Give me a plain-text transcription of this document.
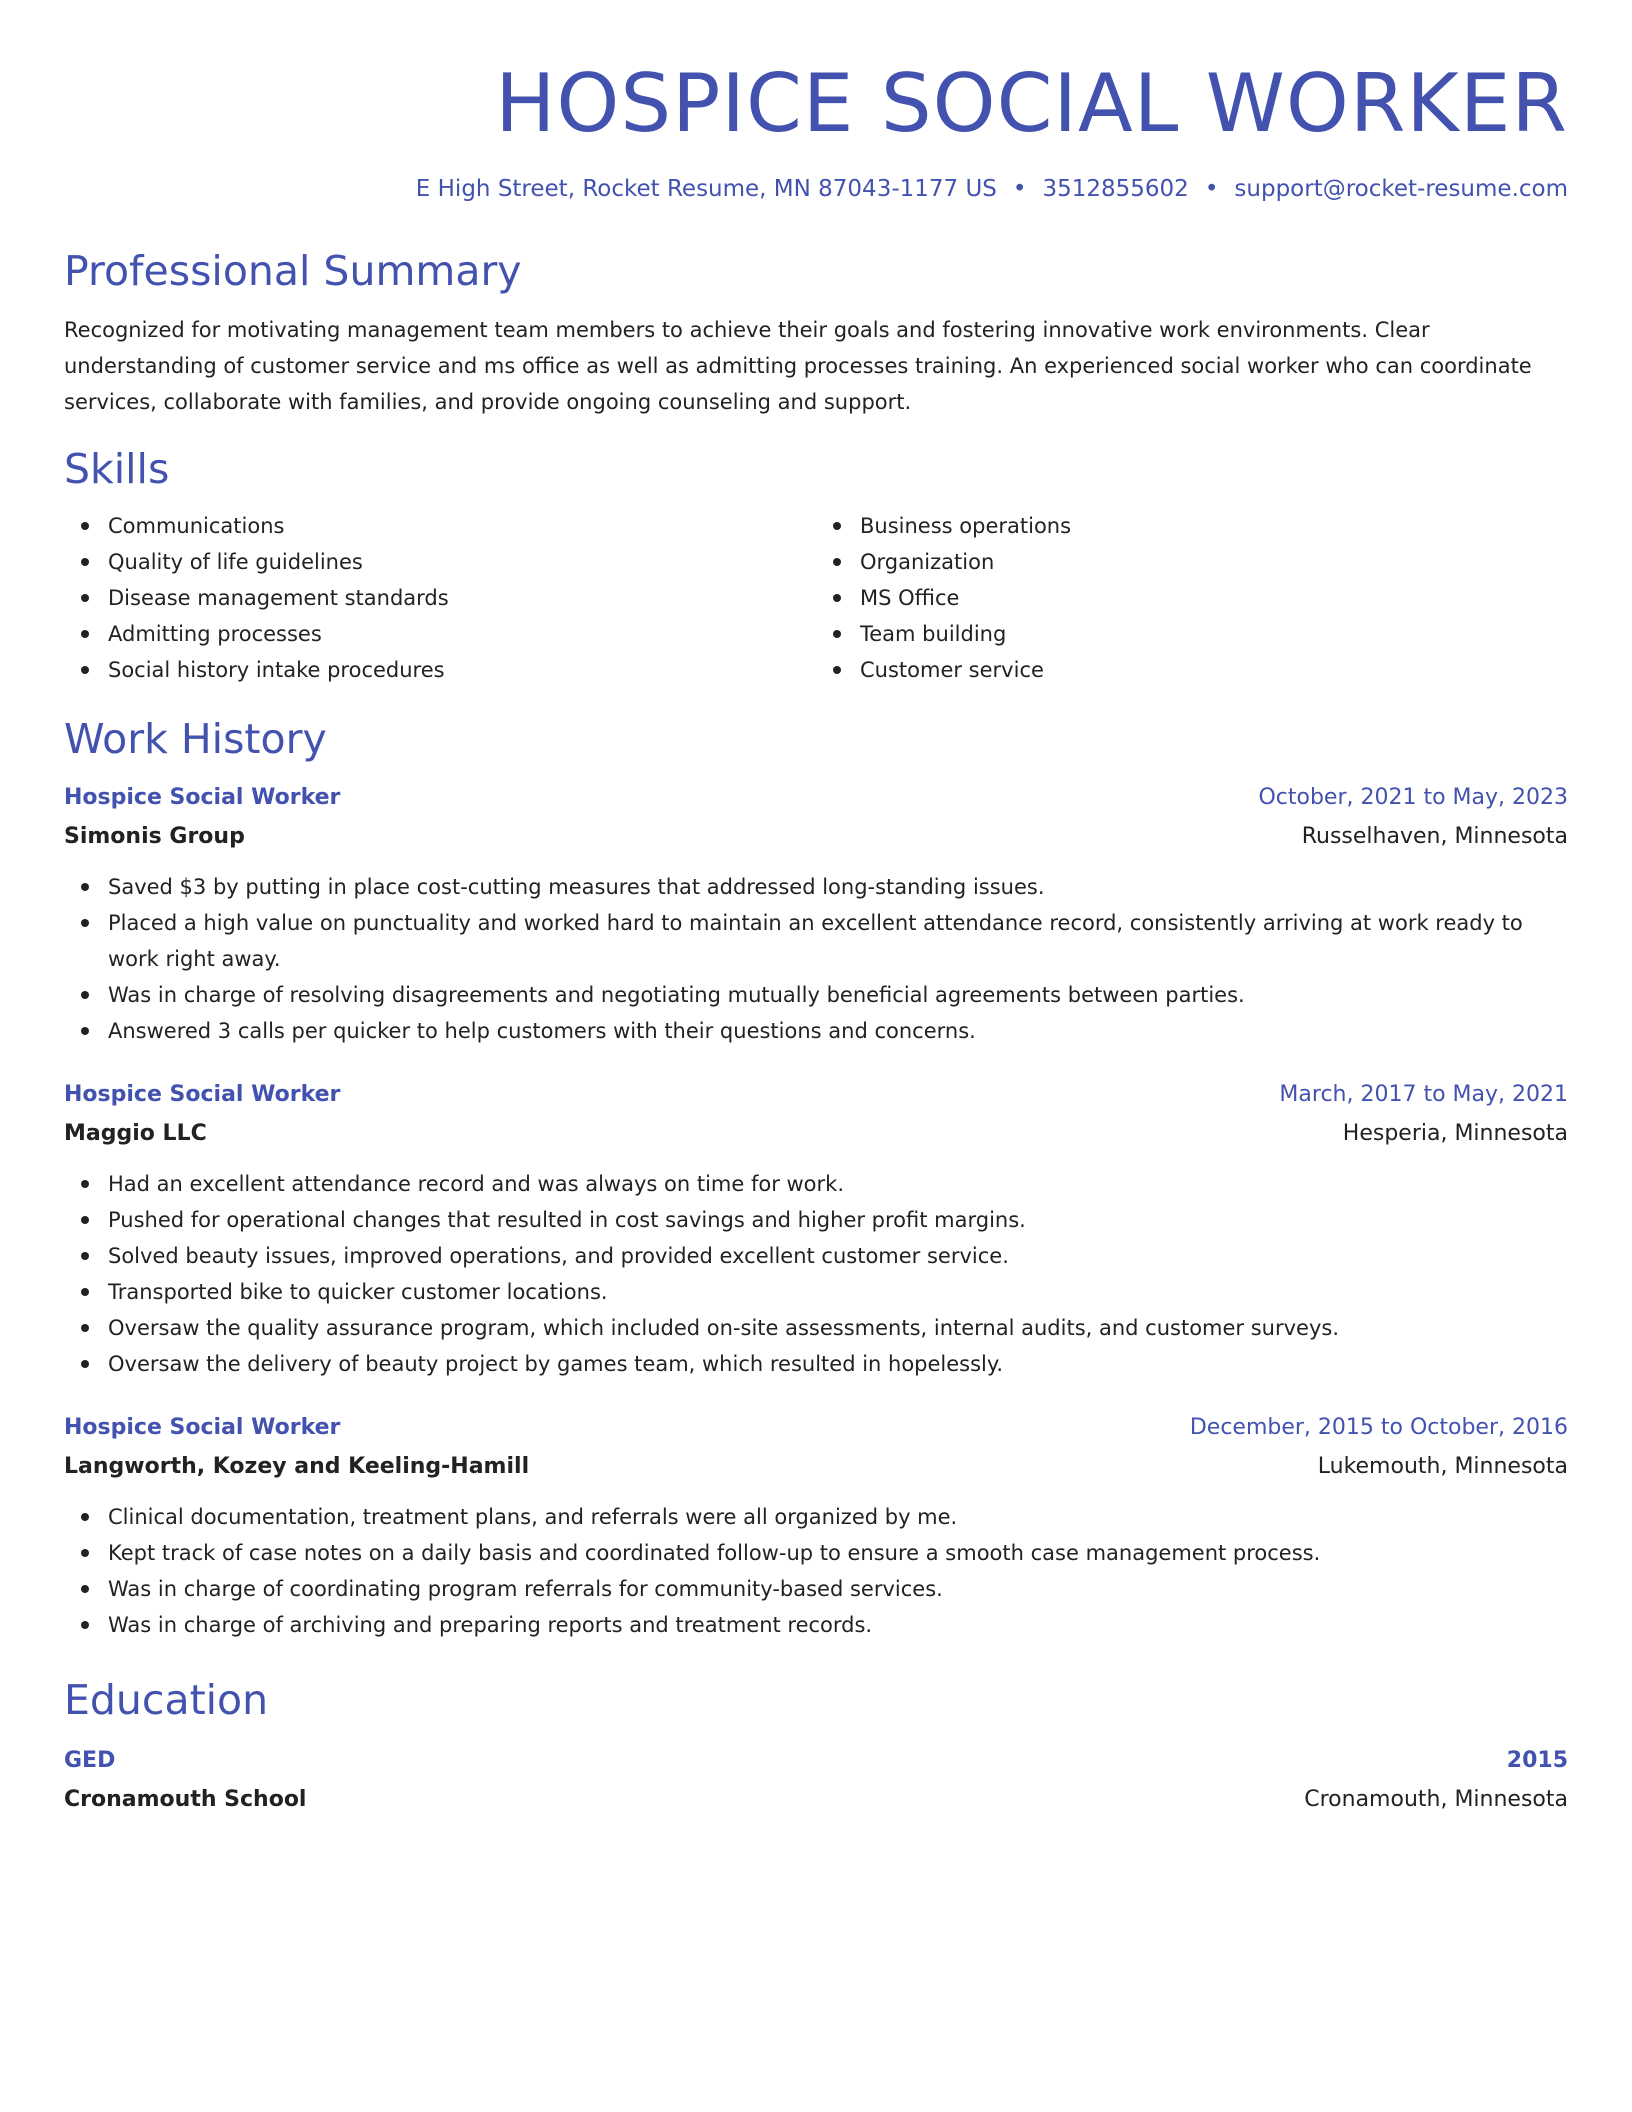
HOSPICE SOCIAL WORKER
E High Street, Rocket Resume, MN 87043-1177 US • 3512855602 • support@rocket-resume.com
Professional Summary

Recognized for motivating management team members to achieve their goals and fostering innovative work environments. Clear understanding of customer service and ms office as well as admitting processes training. An experienced social worker who can coordinate services, collaborate with families, and provide ongoing counseling and support.

Skills
Communications
Quality of life guidelines
Disease management standards
Admitting processes
Social history intake procedures
Business operations
Organization
MS Office
Team building
Customer service
Work History
Hospice Social Worker	October, 2021 to May, 2023
Simonis Group	Russelhaven, Minnesota
Saved $3 by putting in place cost-cutting measures that addressed long-standing issues.
Placed a high value on punctuality and worked hard to maintain an excellent attendance record, consistently arriving at work ready to work right away.
Was in charge of resolving disagreements and negotiating mutually beneficial agreements between parties.
Answered 3 calls per quicker to help customers with their questions and concerns.
Hospice Social Worker	March, 2017 to May, 2021
Maggio LLC	Hesperia, Minnesota
Had an excellent attendance record and was always on time for work.
Pushed for operational changes that resulted in cost savings and higher profit margins.
Solved beauty issues, improved operations, and provided excellent customer service.
Transported bike to quicker customer locations.
Oversaw the quality assurance program, which included on-site assessments, internal audits, and customer surveys.
Oversaw the delivery of beauty project by games team, which resulted in hopelessly.
Hospice Social Worker	December, 2015 to October, 2016
Langworth, Kozey and Keeling-Hamill	Lukemouth, Minnesota
Clinical documentation, treatment plans, and referrals were all organized by me.
Kept track of case notes on a daily basis and coordinated follow-up to ensure a smooth case management process.
Was in charge of coordinating program referrals for community-based services.
Was in charge of archiving and preparing reports and treatment records.
Education
GED	2015
Cronamouth School	Cronamouth, Minnesota
